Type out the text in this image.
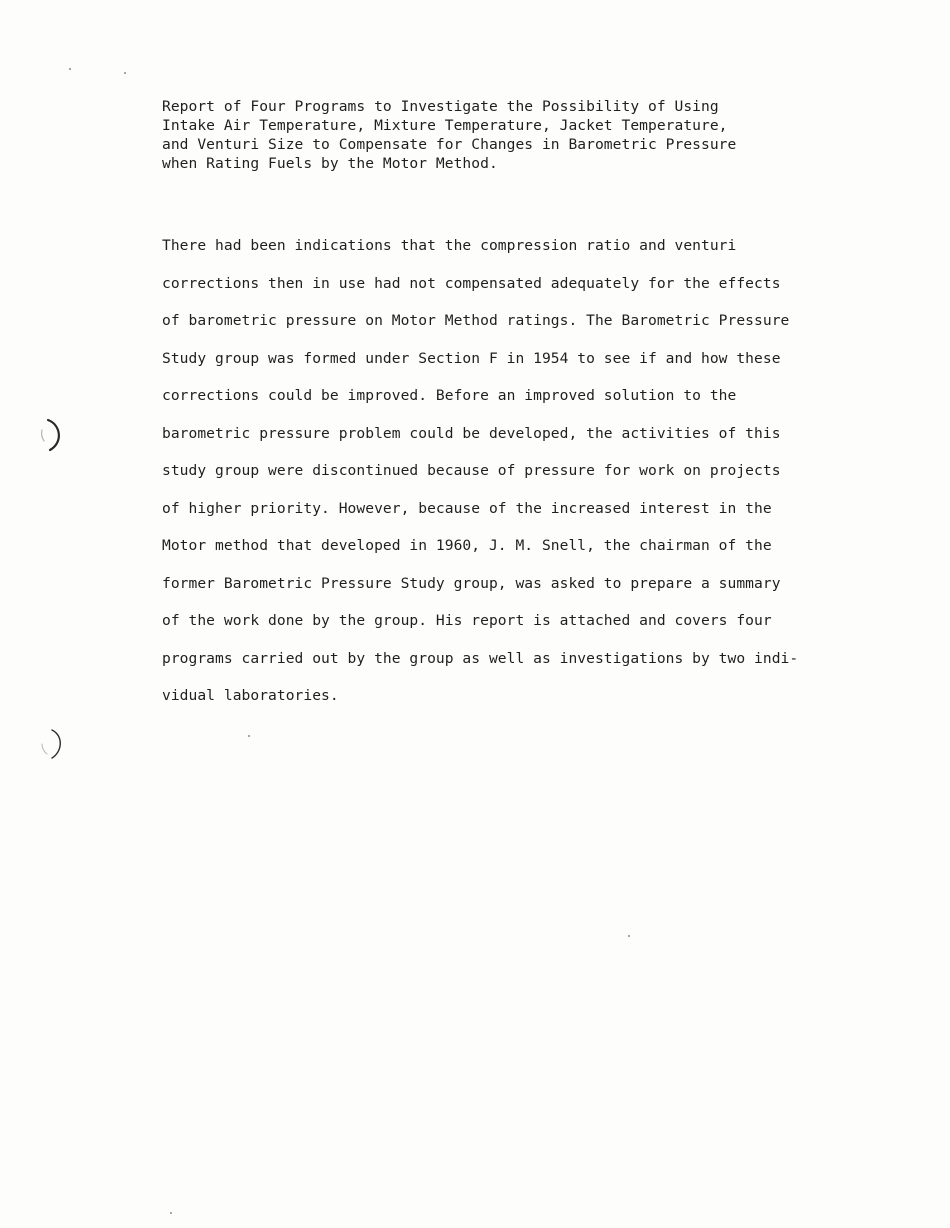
Report of Four Programs to Investigate the Possibility of Using
Intake Air Temperature, Mixture Temperature, Jacket Temperature,
and Venturi Size to Compensate for Changes in Barometric Pressure
when Rating Fuels by the Motor Method.
There had been indications that the compression ratio and venturi
corrections then in use had not compensated adequately for the effects
of barometric pressure on Motor Method ratings. The Barometric Pressure
Study group was formed under Section F in 1954 to see if and how these
corrections could be improved. Before an improved solution to the
barometric pressure problem could be developed, the activities of this
study group were discontinued because of pressure for work on projects
of higher priority. However, because of the increased interest in the
Motor method that developed in 1960, J. M. Snell, the chairman of the
former Barometric Pressure Study group, was asked to prepare a summary
of the work done by the group. His report is attached and covers four
programs carried out by the group as well as investigations by two indi-
vidual laboratories.
